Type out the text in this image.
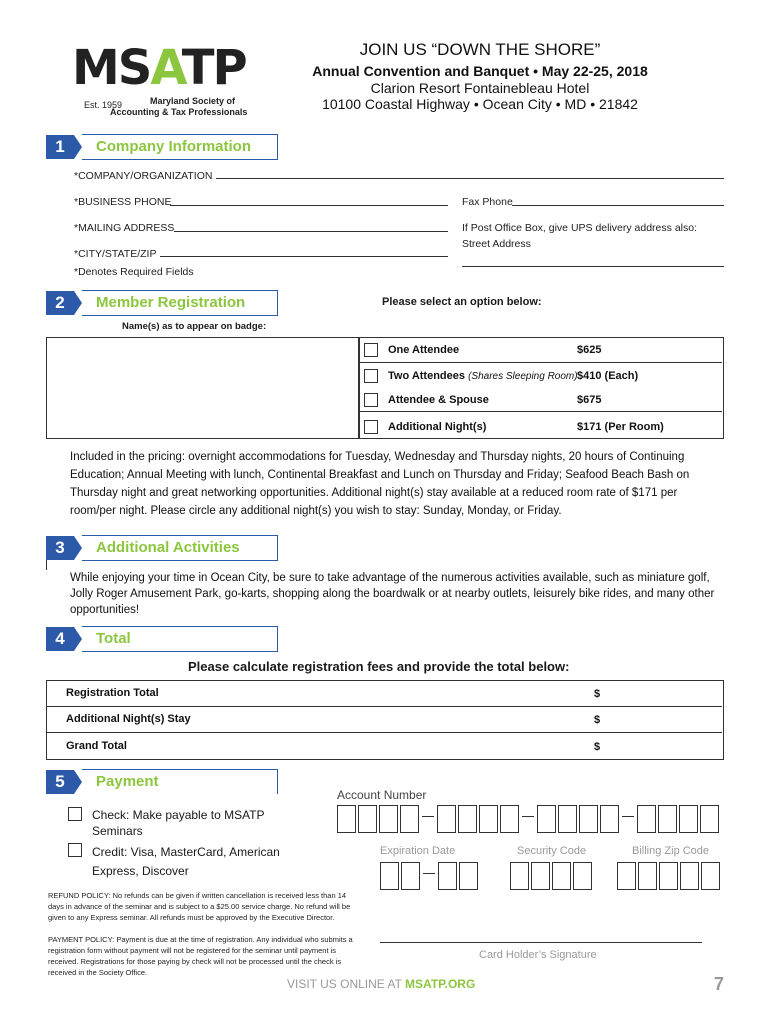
MSATP
Est. 1959	Maryland Society of
Accounting & Tax Professionals
JOIN US “DOWN THE SHORE”
Annual Convention and Banquet • May 22-25, 2018
Clarion Resort Fontainebleau Hotel
10100 Coastal Highway • Ocean City • MD • 21842
1	Company Information
*COMPANY/ORGANIZATION
*BUSINESS PHONE	Fax Phone
*MAILING ADDRESS	If Post Office Box, give UPS delivery address also:
Street Address
*CITY/STATE/ZIP
*Denotes Required Fields
2	Member Registration	Please select an option below:
Name(s) as to appear on badge:
One Attendee	$625
Two Attendees (Shares Sleeping Room) $410 (Each)
Attendee & Spouse	$675
Additional Night(s)	$171 (Per Room)
Included in the pricing: overnight accommodations for Tuesday, Wednesday and Thursday nights, 20 hours of Continuing Education; Annual Meeting with lunch, Continental Breakfast and Lunch on Thursday and Friday; Seafood Beach Bash on Thursday night and great networking opportunities. Additional night(s) stay available at a reduced room rate of $171 per room/per night. Please circle any additional night(s) you wish to stay: Sunday, Monday, or Friday.
3	Additional Activities
While enjoying your time in Ocean City, be sure to take advantage of the numerous activities available, such as miniature golf, Jolly Roger Amusement Park, go-karts, shopping along the boardwalk or at nearby outlets, leisurely bike rides, and many other opportunities!
4	Total
Please calculate registration fees and provide the total below:
Registration Total	$
Additional Night(s) Stay	$
Grand Total	$
5	Payment
Check: Make payable to MSATP
Seminars
Credit: Visa, MasterCard, American
Express, Discover
Account Number
Expiration Date	Security Code	Billing Zip Code
REFUND POLICY: No refunds can be given if written cancellation is received less than 14 days in advance of the seminar and is subject to a $25.00 service charge. No refund will be given to any Express seminar. All refunds must be approved by the Executive Director.
PAYMENT POLICY: Payment is due at the time of registration. Any individual who submits a registration form without payment will not be registered for the seminar until payment is received. Registrations for those paying by check will not be processed until the check is received in the Society Office.
Card Holder’s Signature
VISIT US ONLINE AT MSATP.ORG	7
